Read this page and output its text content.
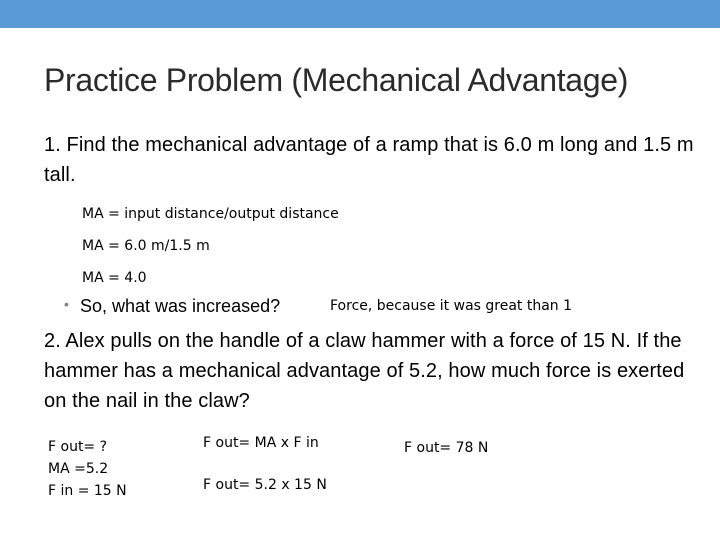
Practice Problem (Mechanical Advantage)
1. Find the mechanical advantage of a ramp that is 6.0 m long and 1.5 m tall.
MA = input distance/output distance
MA = 6.0 m/1.5 m
MA = 4.0
• So, what was increased?	Force, because it was great than 1
2. Alex pulls on the handle of a claw hammer with a force of 15 N. If the hammer has a mechanical advantage of 5.2, how much force is exerted on the nail in the claw?
F out= ?
MA =5.2
F in = 15 N
F out= MA x F in
F out= 5.2 x 15 N
F out= 78 N
